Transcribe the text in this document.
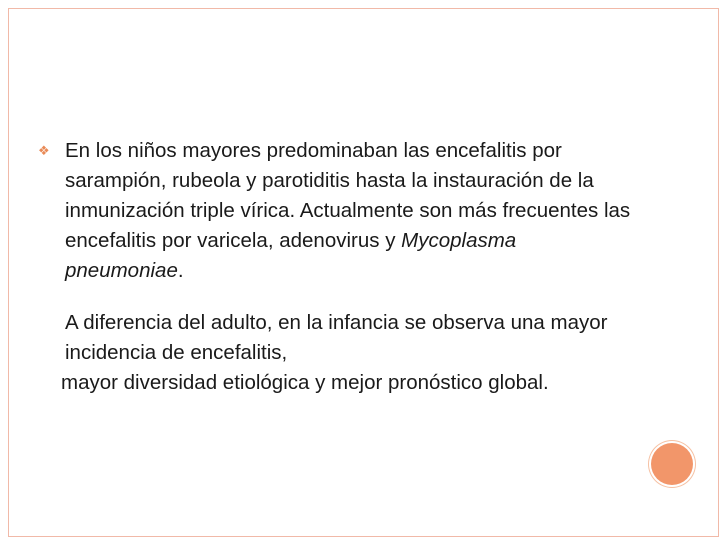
❖ En los niños mayores predominaban las encefalitis por sarampión, rubeola y parotiditis hasta la instauración de la inmunización triple vírica. Actualmente son más frecuentes las encefalitis por varicela, adenovirus y Mycoplasma pneumoniae.
A diferencia del adulto, en la infancia se observa una mayor incidencia de encefalitis,
mayor diversidad etiológica y mejor pronóstico global.
